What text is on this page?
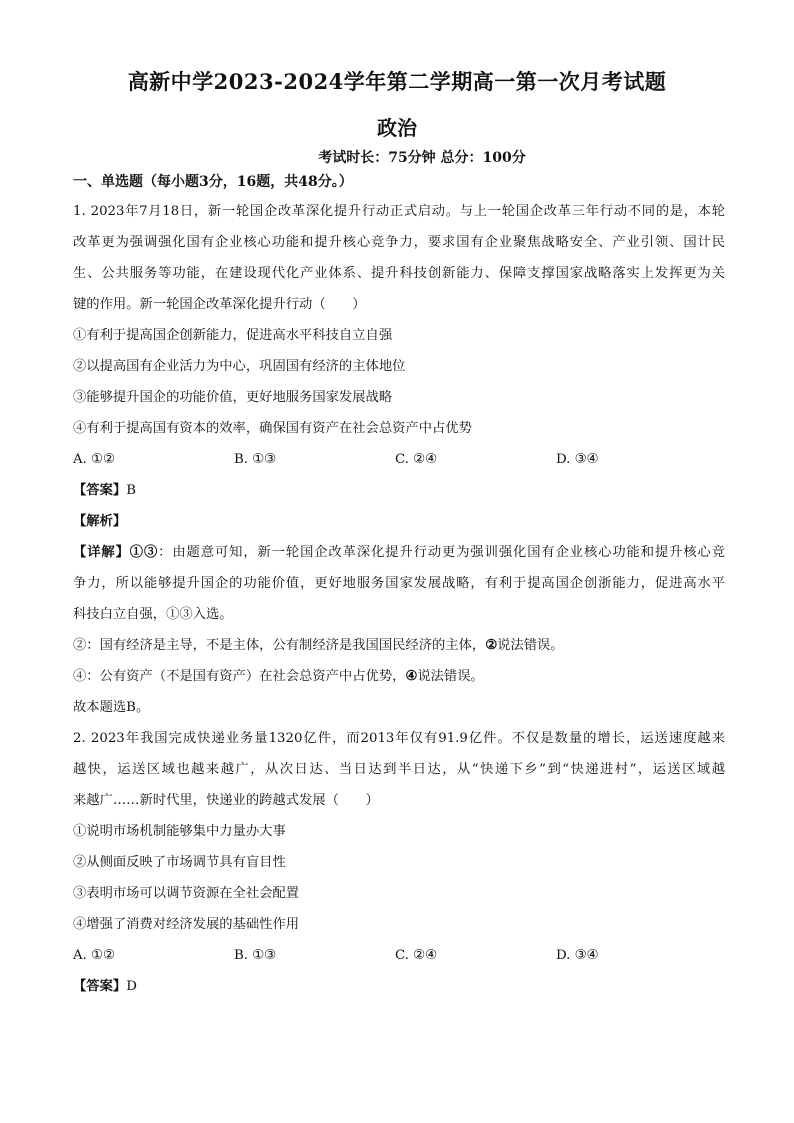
高新中学2023-2024学年第二学期高一第一次月考试题
政治
考试时长：75分钟 总分：100分
一、单选题（每小题3分，16题，共48分。）

1. 2023年7月18日，新一轮国企改革深化提升行动正式启动。与上一轮国企改革三年行动不同的是，本轮

改革更为强调强化国有企业核心功能和提升核心竞争力，要求国有企业聚焦战略安全、产业引领、国计民

生、公共服务等功能，在建设现代化产业体系、提升科技创新能力、保障支撑国家战略落实上发挥更为关

键的作用。新一轮国企改革深化提升行动（　　）

①有利于提高国企创新能力，促进高水平科技自立自强

②以提高国有企业活力为中心，巩固国有经济的主体地位

③能够提升国企的功能价值，更好地服务国家发展战略

④有利于提高国有资本的效率，确保国有资产在社会总资产中占优势

A. ①②	B. ①③	C. ②④	D. ③④

【答案】B

【解析】

【详解】①③：由题意可知，新一轮国企改革深化提升行动更为强训强化国有企业核心功能和提升核心竞

争力，所以能够提升国企的功能价值，更好地服务国家发展战略，有利于提高国企创浙能力，促进高水平

科技白立自强，①③入选。

②：国有经济是主导，不是主体，公有制经济是我国国民经济的主体，②说法错误。

④：公有资产（不是国有资产）在社会总资产中占优势，④说法错误。

故本题选B。

2. 2023年我国完成快递业务量1320亿件，而2013年仅有91.9亿件。不仅是数量的增长，运送速度越来

越快，运送区域也越来越广，从次日达、当日达到半日达，从“快递下乡”到“快递进村”，运送区域越

来越广……新时代里，快递业的跨越式发展（　　）

①说明市场机制能够集中力量办大事

②从侧面反映了市场调节具有盲目性

③表明市场可以调节资源在全社会配置

④增强了消费对经济发展的基础性作用

A. ①②	B. ①③	C. ②④	D. ③④

【答案】D
